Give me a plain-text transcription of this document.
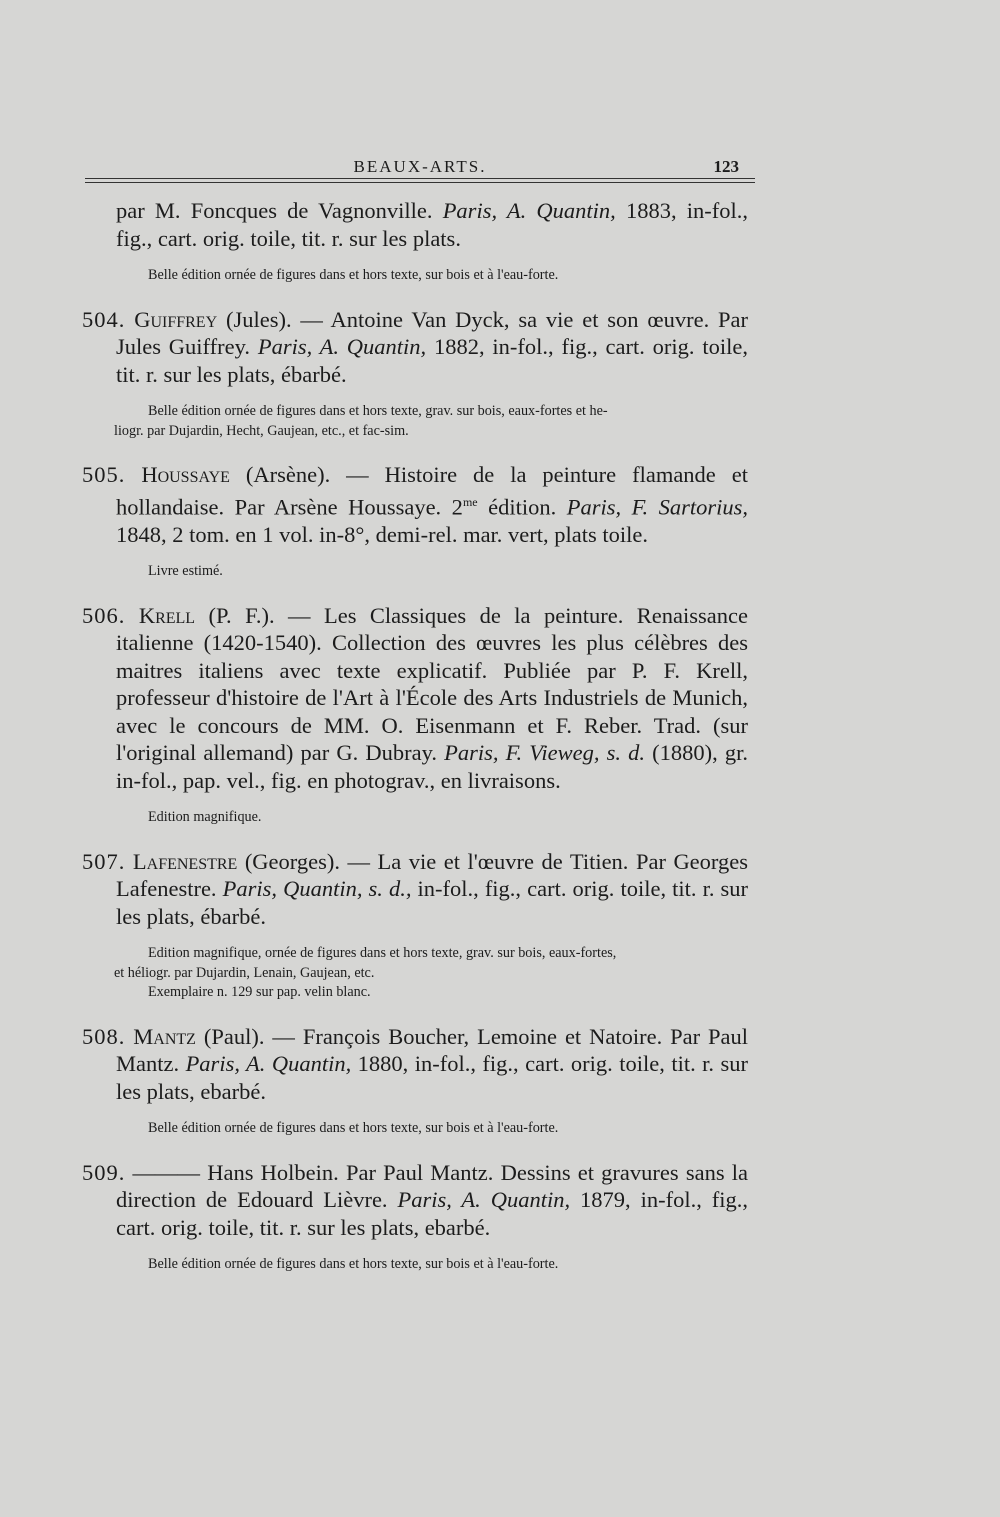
BEAUX-ARTS.	123

par M. Foncques de Vagnonville. Paris, A. Quantin, 1883, in-fol., fig., cart. orig. toile, tit. r. sur les plats.

Belle édition ornée de figures dans et hors texte, sur bois et à l'eau-forte.

504. Guiffrey (Jules). — Antoine Van Dyck, sa vie et son œuvre. Par Jules Guiffrey. Paris, A. Quantin, 1882, in-fol., fig., cart. orig. toile, tit. r. sur les plats, ébarbé.

Belle édition ornée de figures dans et hors texte, grav. sur bois, eaux-fortes et he-
liogr. par Dujardin, Hecht, Gaujean, etc., et fac-sim.

505. Houssaye (Arsène). — Histoire de la peinture flamande et hollandaise. Par Arsène Houssaye. $2^{me}$ édition. Paris, F. Sartorius, 1848, 2 tom. en 1 vol. in-8°, demi-rel. mar. vert, plats toile.

Livre estimé.

506. Krell (P. F.). — Les Classiques de la peinture. Renaissance italienne (1420-1540). Collection des œuvres les plus célèbres des maitres italiens avec texte explicatif. Publiée par P. F. Krell, professeur d'histoire de l'Art à l'École des Arts Industriels de Munich, avec le concours de MM. O. Eisenmann et F. Reber. Trad. (sur l'original allemand) par G. Dubray. Paris, F. Vieweg, s. d. (1880), gr. in-fol., pap. vel., fig. en photograv., en livraisons.

Edition magnifique.

507. Lafenestre (Georges). — La vie et l'œuvre de Titien. Par Georges Lafenestre. Paris, Quantin, s. d., in-fol., fig., cart. orig. toile, tit. r. sur les plats, ébarbé.

Edition magnifique, ornée de figures dans et hors texte, grav. sur bois, eaux-fortes,
et héliogr. par Dujardin, Lenain, Gaujean, etc.
Exemplaire n. 129 sur pap. velin blanc.

508. Mantz (Paul). — François Boucher, Lemoine et Natoire. Par Paul Mantz. Paris, A. Quantin, 1880, in-fol., fig., cart. orig. toile, tit. r. sur les plats, ebarbé.

Belle édition ornée de figures dans et hors texte, sur bois et à l'eau-forte.

509. ——— Hans Holbein. Par Paul Mantz. Dessins et gravures sans la direction de Edouard Lièvre. Paris, A. Quantin, 1879, in-fol., fig., cart. orig. toile, tit. r. sur les plats, ebarbé.

Belle édition ornée de figures dans et hors texte, sur bois et à l'eau-forte.
